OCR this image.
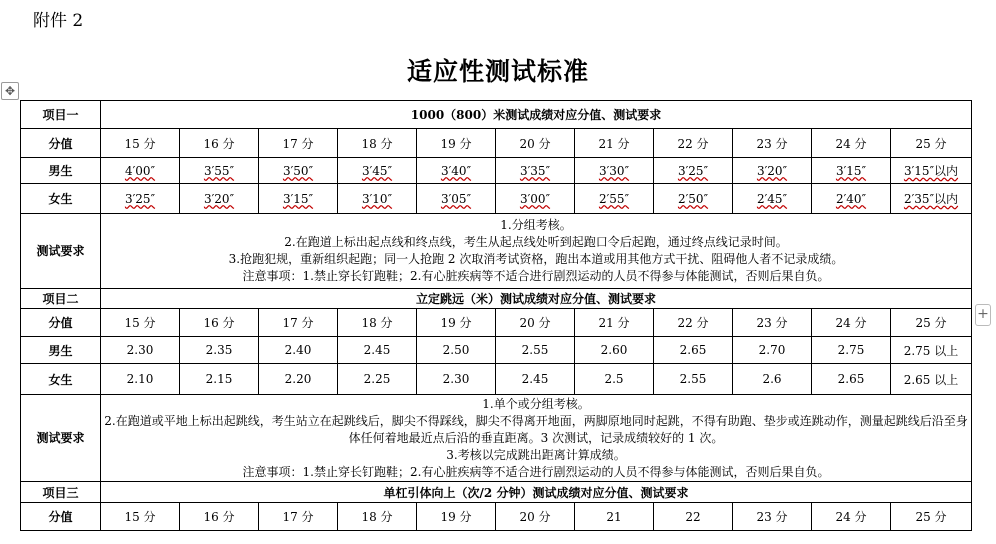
附件 2
适应性测试标准
✥
+
项目一	1000（800）米测试成绩对应分值、测试要求										
分值	15 分	16 分	17 分	18 分	19 分	20 分	21 分	22 分	23 分	24 分	25 分
男生	4′00″	3′55″	3′50″	3′45″	3′40″	3′35″	3′30″	3′25″	3′20″	3′15″	3′15″以内
女生	3′25″	3′20″	3′15″	3′10″	3′05″	3′00″	2′55″	2′50″	2′45″	2′40″	2′35″以内
测试要求	1.分组考核。
2.在跑道上标出起点线和终点线，考生从起点线处听到起跑口令后起跑，通过终点线记录时间。
3.抢跑犯规，重新组织起跑；同一人抢跑 2 次取消考试资格，跑出本道或用其他方式干扰、阻碍他人者不记录成绩。
注意事项：1.禁止穿长钉跑鞋；2.有心脏疾病等不适合进行剧烈运动的人员不得参与体能测试，否则后果自负。										

项目二	立定跳远（米）测试成绩对应分值、测试要求										
分值	15 分	16 分	17 分	18 分	19 分	20 分	21 分	22 分	23 分	24 分	25 分
男生	2.30	2.35	2.40	2.45	2.50	2.55	2.60	2.65	2.70	2.75	2.75 以上
女生	2.10	2.15	2.20	2.25	2.30	2.45	2.5	2.55	2.6	2.65	2.65 以上
测试要求	1.单个或分组考核。
2.在跑道或平地上标出起跳线，考生站立在起跳线后，脚尖不得踩线，脚尖不得离开地面，两脚原地同时起跳，不得有助跑、垫步或连跳动作，测量起跳线后沿至身体任何着地最近点后沿的垂直距离。3 次测试，记录成绩较好的 1 次。
3.考核以完成跳出距离计算成绩。
注意事项：1.禁止穿长钉跑鞋；2.有心脏疾病等不适合进行剧烈运动的人员不得参与体能测试，否则后果自负。										

项目三	单杠引体向上（次/2 分钟）测试成绩对应分值、测试要求										
分值	15 分	16 分	17 分	18 分	19 分	20 分	21	22	23 分	24 分	25 分
